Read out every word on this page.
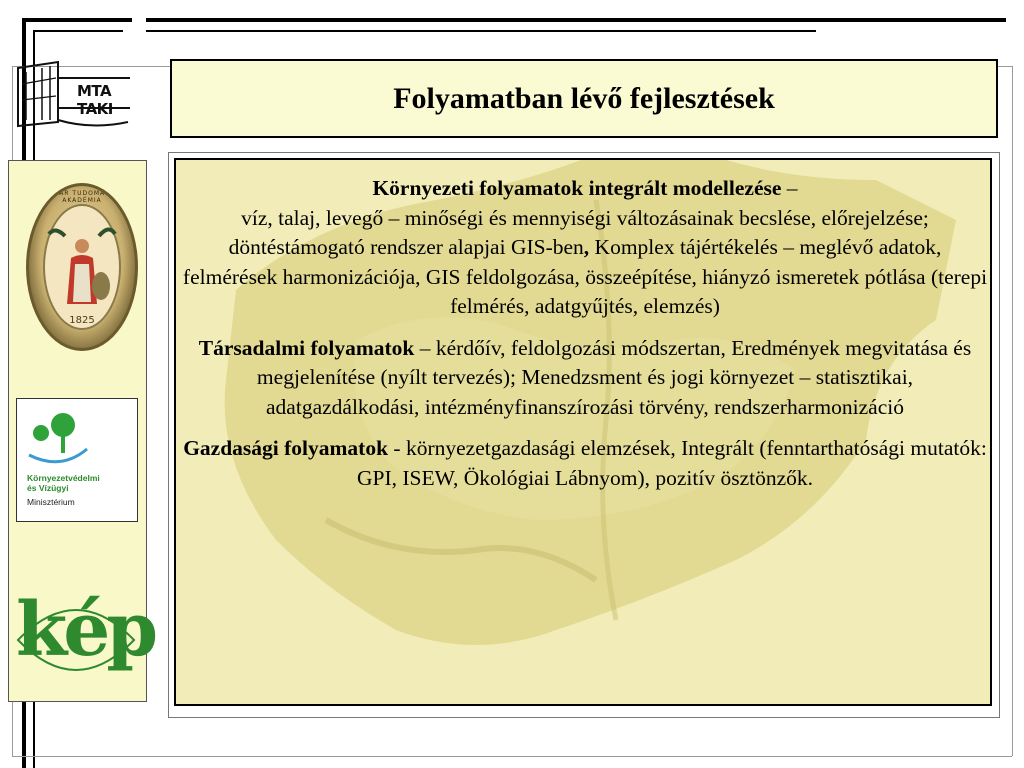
MTA TAKI
MAGYAR TUDOMÁNYOS AKADÉMIA
1825
Környezetvédelmi
és Vízügyi
Minisztérium
kép
Folyamatban lévő fejlesztések

Környezeti folyamatok integrált modellezése –
víz, talaj, levegő – minőségi és mennyiségi változásainak becslése, előrejelzése; döntéstámogató rendszer alapjai GIS-ben, Komplex tájértékelés – meglévő adatok, felmérések harmonizációja, GIS feldolgozása, összeépítése, hiányzó ismeretek pótlása (terepi felmérés, adatgyűjtés, elemzés)

Társadalmi folyamatok – kérdőív, feldolgozási módszertan, Eredmények megvitatása és megjelenítése (nyílt tervezés); Menedzsment és jogi környezet – statisztikai, adatgazdálkodási, intézményfinanszírozási törvény, rendszerharmonizáció

Gazdasági folyamatok - környezetgazdasági elemzések, Integrált (fenntarthatósági mutatók: GPI, ISEW, Ökológiai Lábnyom), pozitív ösztönzők.
